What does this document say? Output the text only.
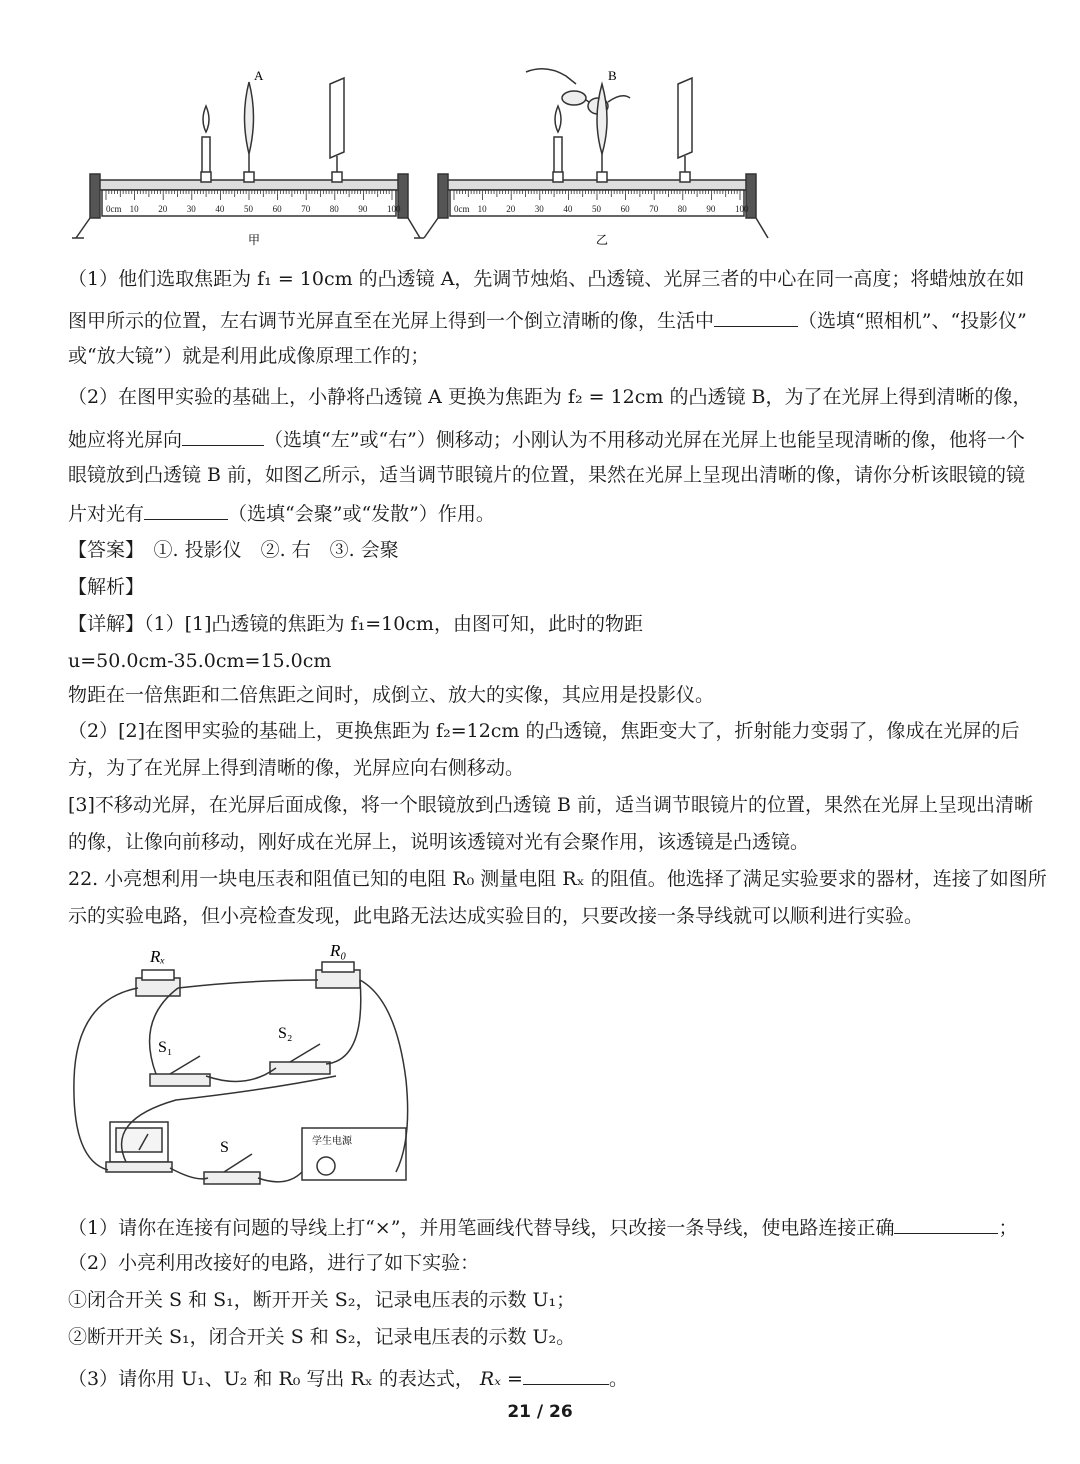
0cm 10 20 30 40 50 60 70 80 90 100	0cm 10 20 30 40 50 60 70 80 90 100
A	B
甲	乙
（1）他们选取焦距为 f₁ = 10cm 的凸透镜 A，先调节烛焰、凸透镜、光屏三者的中心在同一高度；将蜡烛放在如
图甲所示的位置，左右调节光屏直至在光屏上得到一个倒立清晰的像，生活中	（选填“照相机”、“投影仪”
或“放大镜”）就是利用此成像原理工作的；
（2）在图甲实验的基础上，小静将凸透镜 A 更换为焦距为 f₂ = 12cm 的凸透镜 B，为了在光屏上得到清晰的像，
她应将光屏向	（选填“左”或“右”）侧移动；小刚认为不用移动光屏在光屏上也能呈现清晰的像，他将一个
眼镜放到凸透镜 B 前，如图乙所示，适当调节眼镜片的位置，果然在光屏上呈现出清晰的像，请你分析该眼镜的镜
片对光有	（选填“会聚”或“发散”）作用。
【答案】　①. 投影仪　②. 右　③. 会聚
【解析】
【详解】（1）[1]凸透镜的焦距为 f₁=10cm，由图可知，此时的物距
u=50.0cm-35.0cm=15.0cm
物距在一倍焦距和二倍焦距之间时，成倒立、放大的实像，其应用是投影仪。
（2）[2]在图甲实验的基础上，更换焦距为 f₂=12cm 的凸透镜，焦距变大了，折射能力变弱了，像成在光屏的后
方，为了在光屏上得到清晰的像，光屏应向右侧移动。
[3]不移动光屏，在光屏后面成像，将一个眼镜放到凸透镜 B 前，适当调节眼镜片的位置，果然在光屏上呈现出清晰
的像，让像向前移动，刚好成在光屏上，说明该透镜对光有会聚作用，该透镜是凸透镜。
22. 小亮想利用一块电压表和阻值已知的电阻 R₀ 测量电阻 Rₓ 的阻值。他选择了满足实验要求的器材，连接了如图所
示的实验电路，但小亮检查发现，此电路无法达成实验目的，只要改接一条导线就可以顺利进行实验。
Rₓ	R₀
S₁
S₂
S	学生电源
（1）请你在连接有问题的导线上打“×”，并用笔画线代替导线，只改接一条导线，使电路连接正确	；
（2）小亮利用改接好的电路，进行了如下实验：
①闭合开关 S 和 S₁，断开开关 S₂，记录电压表的示数 U₁；
②断开开关 S₁，闭合开关 S 和 S₂，记录电压表的示数 U₂。
（3）请你用 U₁、U₂ 和 R₀ 写出 Rₓ 的表达式， Rₓ =	。
21 / 26
